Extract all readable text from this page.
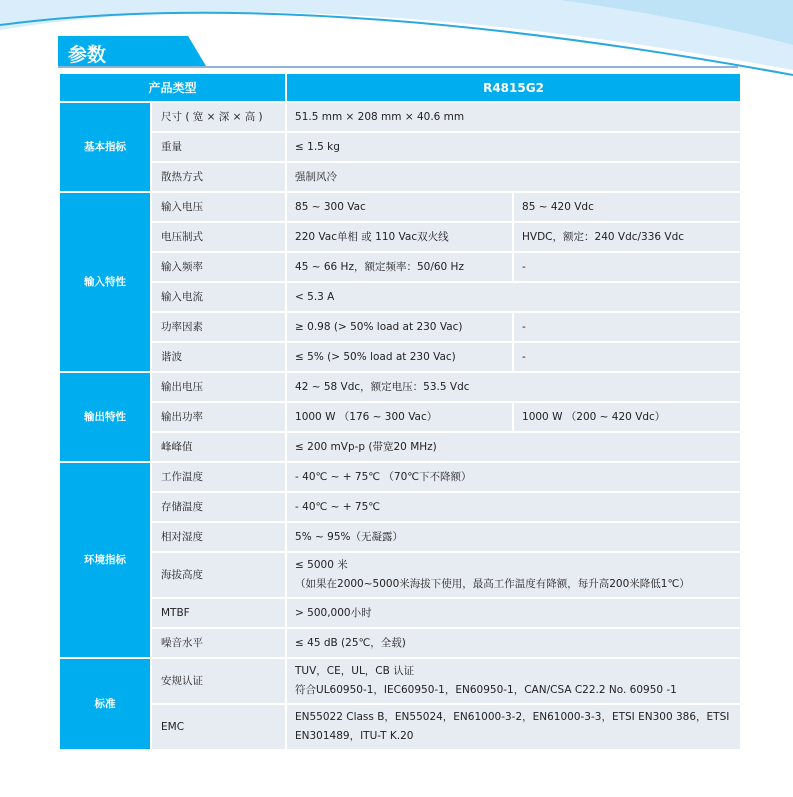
参数
产品类型		R4815G2	
基本指标	尺寸 ( 宽 × 深 × 高 )	51.5 mm × 208 mm × 40.6 mm	

	重量	≤ 1.5 kg	

	散热方式	强制风冷	

输入特性	输入电压	85 ~ 300 Vac	85 ~ 420 Vdc

	电压制式	220 Vac单相 或 110 Vac双火线	HVDC，额定：240 Vdc/336 Vdc

	输入频率	45 ~ 66 Hz，额定频率：50/60 Hz	-

	输入电流	< 5.3 A	

	功率因素	≥ 0.98 (> 50% load at 230 Vac)	-

	谐波	≤ 5% (> 50% load at 230 Vac)	-

输出特性	输出电压	42 ~ 58 Vdc，额定电压：53.5 Vdc	

	输出功率	1000 W （176 ~ 300 Vac）	1000 W （200 ~ 420 Vdc）

	峰峰值	≤ 200 mVp-p (带宽20 MHz)	

环境指标	工作温度	- 40℃ ~ + 75℃ （70℃下不降额）	

	存储温度	- 40℃ ~ + 75℃	

	相对湿度	5% ~ 95%（无凝露）	

	海拔高度	≤ 5000 米
（如果在2000~5000米海拔下使用，最高工作温度有降额，每升高200米降低1℃）	

	MTBF	> 500,000小时	

	噪音水平	≤ 45 dB (25℃，全载)	

标准	安规认证	TUV，CE，UL，CB 认证
符合UL60950-1，IEC60950-1，EN60950-1，CAN/CSA C22.2 No. 60950 -1	

	EMC	EN55022 Class B，EN55024，EN61000-3-2，EN61000-3-3，ETSI EN300 386，ETSI
EN301489，ITU-T K.20	
